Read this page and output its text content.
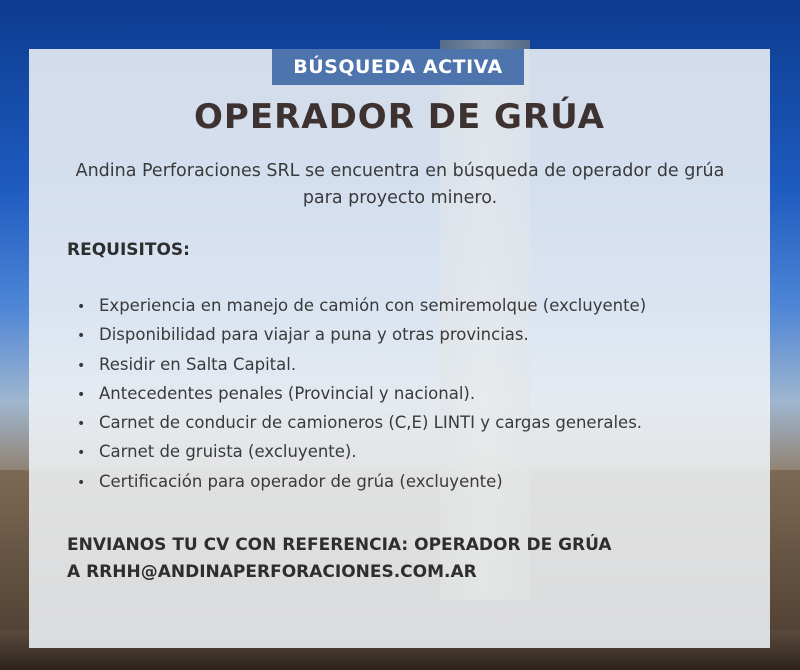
BÚSQUEDA ACTIVA
OPERADOR DE GRÚA
Andina Perforaciones SRL se encuentra en búsqueda de operador de grúa
para proyecto minero.
REQUISITOS:
• Experiencia en manejo de camión con semiremolque (excluyente)
• Disponibilidad para viajar a puna y otras provincias.
• Residir en Salta Capital.
• Antecedentes penales (Provincial y nacional).
• Carnet de conducir de camioneros (C,E) LINTI y cargas generales.
• Carnet de gruista (excluyente).
• Certificación para operador de grúa (excluyente)
ENVIANOS TU CV CON REFERENCIA: OPERADOR DE GRÚA
A RRHH@ANDINAPERFORACIONES.COM.AR
